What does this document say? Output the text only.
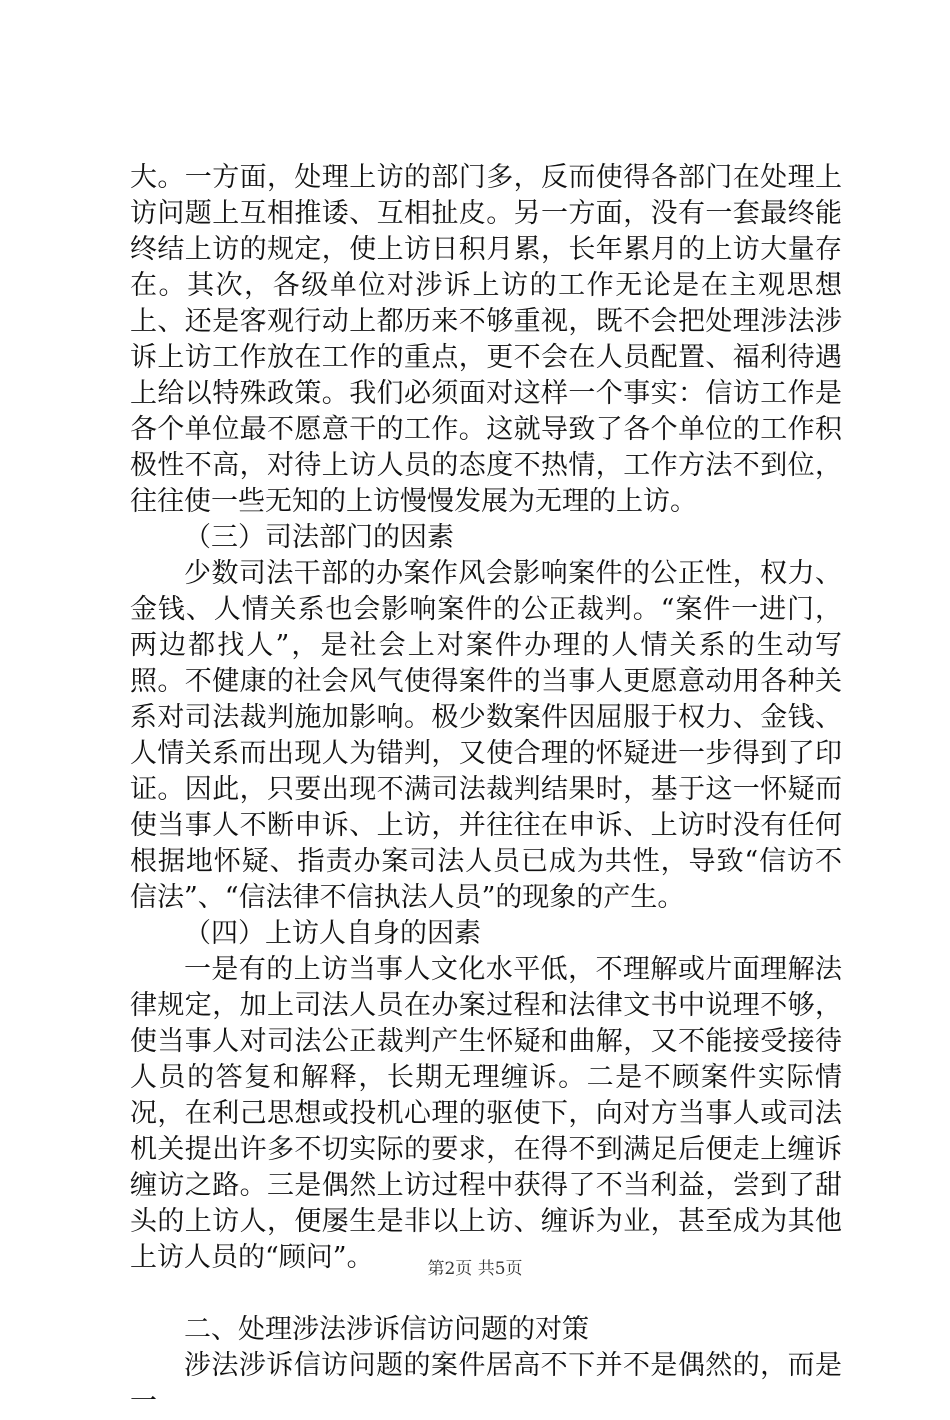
大。一方面，处理上访的部门多，反而使得各部门在处理上访问题上互相推诿、互相扯皮。另一方面，没有一套最终能终结上访的规定，使上访日积月累，长年累月的上访大量存在。其次，各级单位对涉诉上访的工作无论是在主观思想上、还是客观行动上都历来不够重视，既不会把处理涉法涉诉上访工作放在工作的重点，更不会在人员配置、福利待遇上给以特殊政策。我们必须面对这样一个事实：信访工作是各个单位最不愿意干的工作。这就导致了各个单位的工作积极性不高，对待上访人员的态度不热情，工作方法不到位，往往使一些无知的上访慢慢发展为无理的上访。

（三）司法部门的因素

少数司法干部的办案作风会影响案件的公正性，权力、金钱、人情关系也会影响案件的公正裁判。“案件一进门，两边都找人”，是社会上对案件办理的人情关系的生动写照。不健康的社会风气使得案件的当事人更愿意动用各种关系对司法裁判施加影响。极少数案件因屈服于权力、金钱、人情关系而出现人为错判，又使合理的怀疑进一步得到了印证。因此，只要出现不满司法裁判结果时，基于这一怀疑而使当事人不断申诉、上访，并往往在申诉、上访时没有任何根据地怀疑、指责办案司法人员已成为共性，导致“信访不信法”、“信法律不信执法人员”的现象的产生。

（四）上访人自身的因素

一是有的上访当事人文化水平低，不理解或片面理解法律规定，加上司法人员在办案过程和法律文书中说理不够，使当事人对司法公正裁判产生怀疑和曲解，又不能接受接待人员的答复和解释，长期无理缠诉。二是不顾案件实际情况，在利己思想或投机心理的驱使下，向对方当事人或司法机关提出许多不切实际的要求，在得不到满足后便走上缠诉缠访之路。三是偶然上访过程中获得了不当利益，尝到了甜头的上访人，便屡生是非以上访、缠诉为业，甚至成为其他上访人员的“顾问”。

二、处理涉法涉诉信访问题的对策

涉法涉诉信访问题的案件居高不下并不是偶然的，而是一

第2页 共5页
